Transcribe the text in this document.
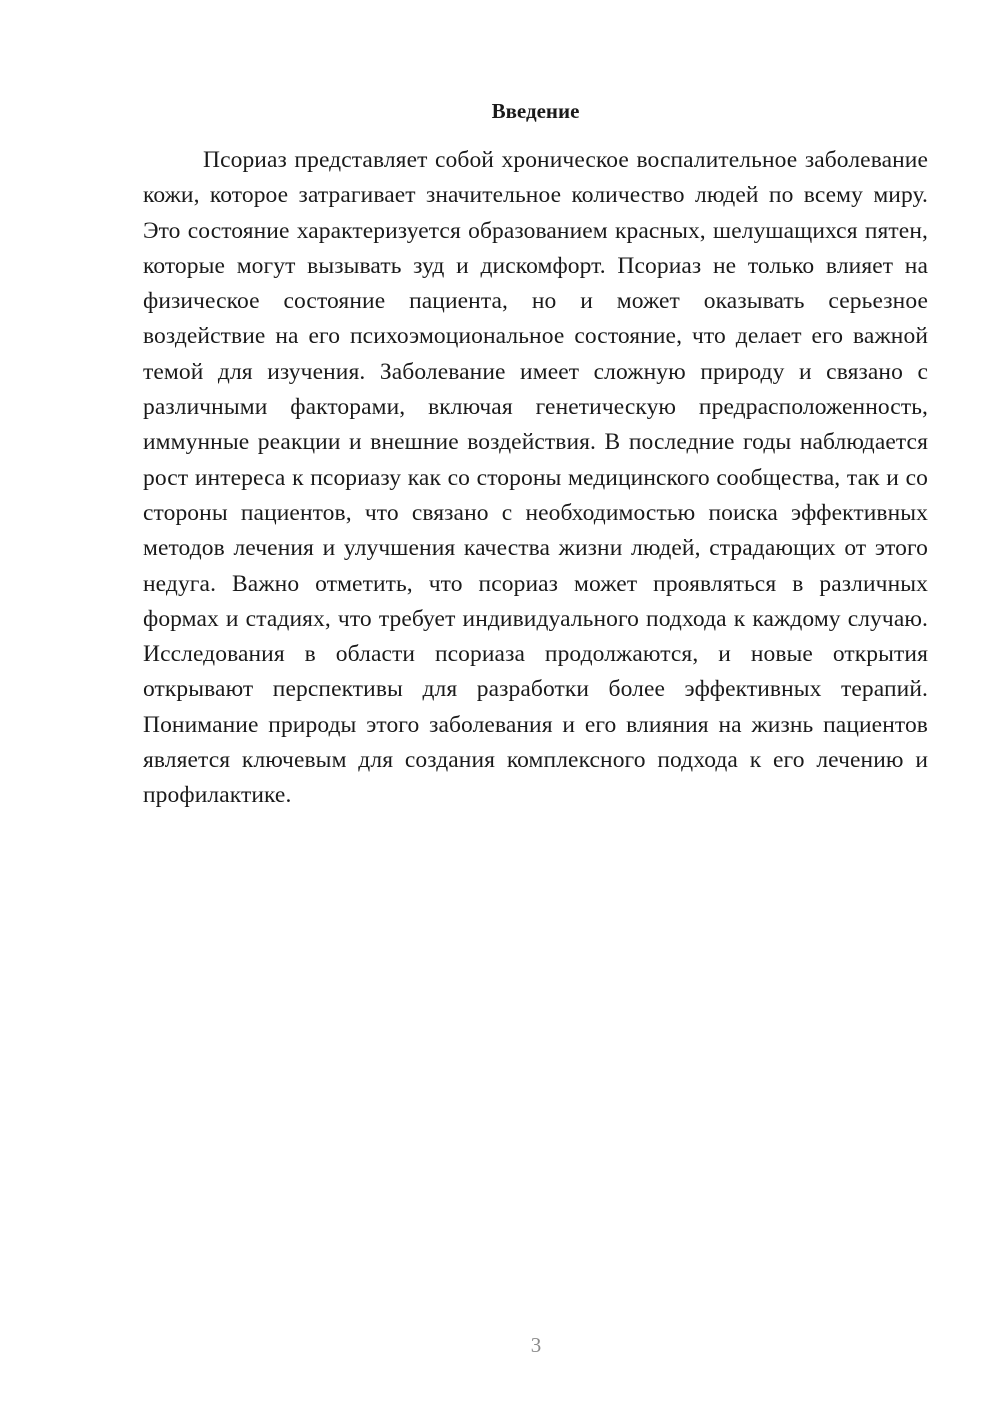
Введение

Псориаз представляет собой хроническое воспалительное заболевание кожи, которое затрагивает значительное количество людей по всему миру. Это состояние характеризуется образованием красных, шелушащихся пятен, которые могут вызывать зуд и дискомфорт. Псориаз не только влияет на физическое состояние пациента, но и может оказывать серьезное воздействие на его психоэмоциональное состояние, что делает его важной темой для изучения. Заболевание имеет сложную природу и связано с различными факторами, включая генетическую предрасположенность, иммунные реакции и внешние воздействия. В последние годы наблюдается рост интереса к псориазу как со стороны медицинского сообщества, так и со стороны пациентов, что связано с необходимостью поиска эффективных методов лечения и улучшения качества жизни людей, страдающих от этого недуга. Важно отметить, что псориаз может проявляться в различных формах и стадиях, что требует индивидуального подхода к каждому случаю. Исследования в области псориаза продолжаются, и новые открытия открывают перспективы для разработки более эффективных терапий. Понимание природы этого заболевания и его влияния на жизнь пациентов является ключевым для создания комплексного подхода к его лечению и профилактике.

3
